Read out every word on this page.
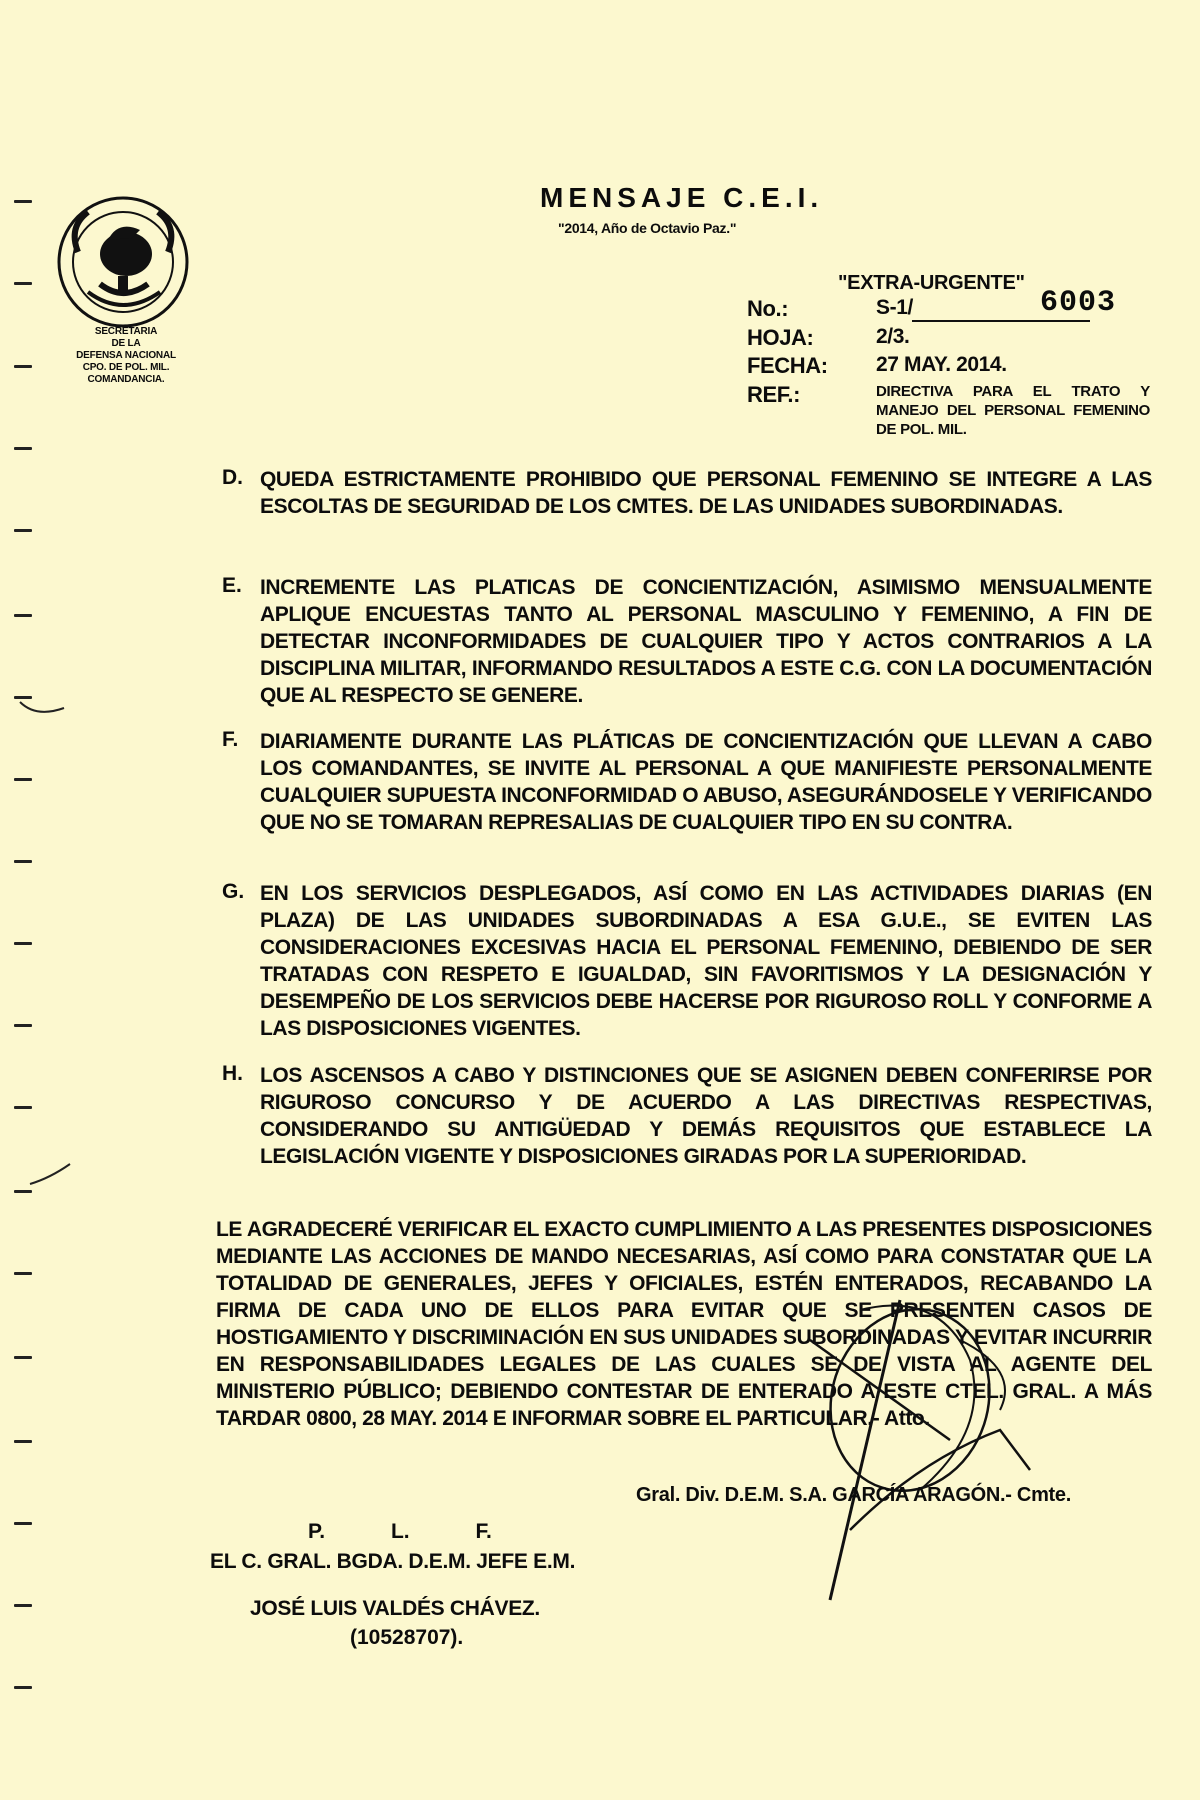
SECRETARIA
DE LA
DEFENSA NACIONAL
CPO. DE POL. MIL.
COMANDANCIA.
MENSAJE C.E.I.
"2014, Año de Octavio Paz."
"EXTRA-URGENTE"
No.:	S-1/	6003
HOJA:	2/3.
FECHA: 27 MAY. 2014.
REF.:	DIRECTIVA PARA EL TRATO Y MANEJO DEL PERSONAL FEMENINO DE POL. MIL.
D. QUEDA ESTRICTAMENTE PROHIBIDO QUE PERSONAL FEMENINO SE INTEGRE A LAS ESCOLTAS DE SEGURIDAD DE LOS CMTES. DE LAS UNIDADES SUBORDINADAS.
E. INCREMENTE LAS PLATICAS DE CONCIENTIZACIÓN, ASIMISMO MENSUALMENTE APLIQUE ENCUESTAS TANTO AL PERSONAL MASCULINO Y FEMENINO, A FIN DE DETECTAR INCONFORMIDADES DE CUALQUIER TIPO Y ACTOS CONTRARIOS A LA DISCIPLINA MILITAR, INFORMANDO RESULTADOS A ESTE C.G. CON LA DOCUMENTACIÓN QUE AL RESPECTO SE GENERE.
F. DIARIAMENTE DURANTE LAS PLÁTICAS DE CONCIENTIZACIÓN QUE LLEVAN A CABO LOS COMANDANTES, SE INVITE AL PERSONAL A QUE MANIFIESTE PERSONALMENTE CUALQUIER SUPUESTA INCONFORMIDAD O ABUSO, ASEGURÁNDOSELE Y VERIFICANDO QUE NO SE TOMARAN REPRESALIAS DE CUALQUIER TIPO EN SU CONTRA.
G. EN LOS SERVICIOS DESPLEGADOS, ASÍ COMO EN LAS ACTIVIDADES DIARIAS (EN PLAZA) DE LAS UNIDADES SUBORDINADAS A ESA G.U.E., SE EVITEN LAS CONSIDERACIONES EXCESIVAS HACIA EL PERSONAL FEMENINO, DEBIENDO DE SER TRATADAS CON RESPETO E IGUALDAD, SIN FAVORITISMOS Y LA DESIGNACIÓN Y DESEMPEÑO DE LOS SERVICIOS DEBE HACERSE POR RIGUROSO ROLL Y CONFORME A LAS DISPOSICIONES VIGENTES.
H. LOS ASCENSOS A CABO Y DISTINCIONES QUE SE ASIGNEN DEBEN CONFERIRSE POR RIGUROSO CONCURSO Y DE ACUERDO A LAS DIRECTIVAS RESPECTIVAS, CONSIDERANDO SU ANTIGÜEDAD Y DEMÁS REQUISITOS QUE ESTABLECE LA LEGISLACIÓN VIGENTE Y DISPOSICIONES GIRADAS POR LA SUPERIORIDAD.
LE AGRADECERÉ VERIFICAR EL EXACTO CUMPLIMIENTO A LAS PRESENTES DISPOSICIONES MEDIANTE LAS ACCIONES DE MANDO NECESARIAS, ASÍ COMO PARA CONSTATAR QUE LA TOTALIDAD DE GENERALES, JEFES Y OFICIALES, ESTÉN ENTERADOS, RECABANDO LA FIRMA DE CADA UNO DE ELLOS PARA EVITAR QUE SE PRESENTEN CASOS DE HOSTIGAMIENTO Y DISCRIMINACIÓN EN SUS UNIDADES SUBORDINADAS Y EVITAR INCURRIR EN RESPONSABILIDADES LEGALES DE LAS CUALES SE DE VISTA AL AGENTE DEL MINISTERIO PÚBLICO; DEBIENDO CONTESTAR DE ENTERADO A ESTE CTEL. GRAL. A MÁS TARDAR 0800, 28 MAY. 2014 E INFORMAR SOBRE EL PARTICULAR.- Atto.
Gral. Div. D.E.M. S.A. GARCÍA ARAGÓN.- Cmte.
P. L. F.
EL C. GRAL. BGDA. D.E.M. JEFE E.M.
JOSÉ LUIS VALDÉS CHÁVEZ.
(10528707).
